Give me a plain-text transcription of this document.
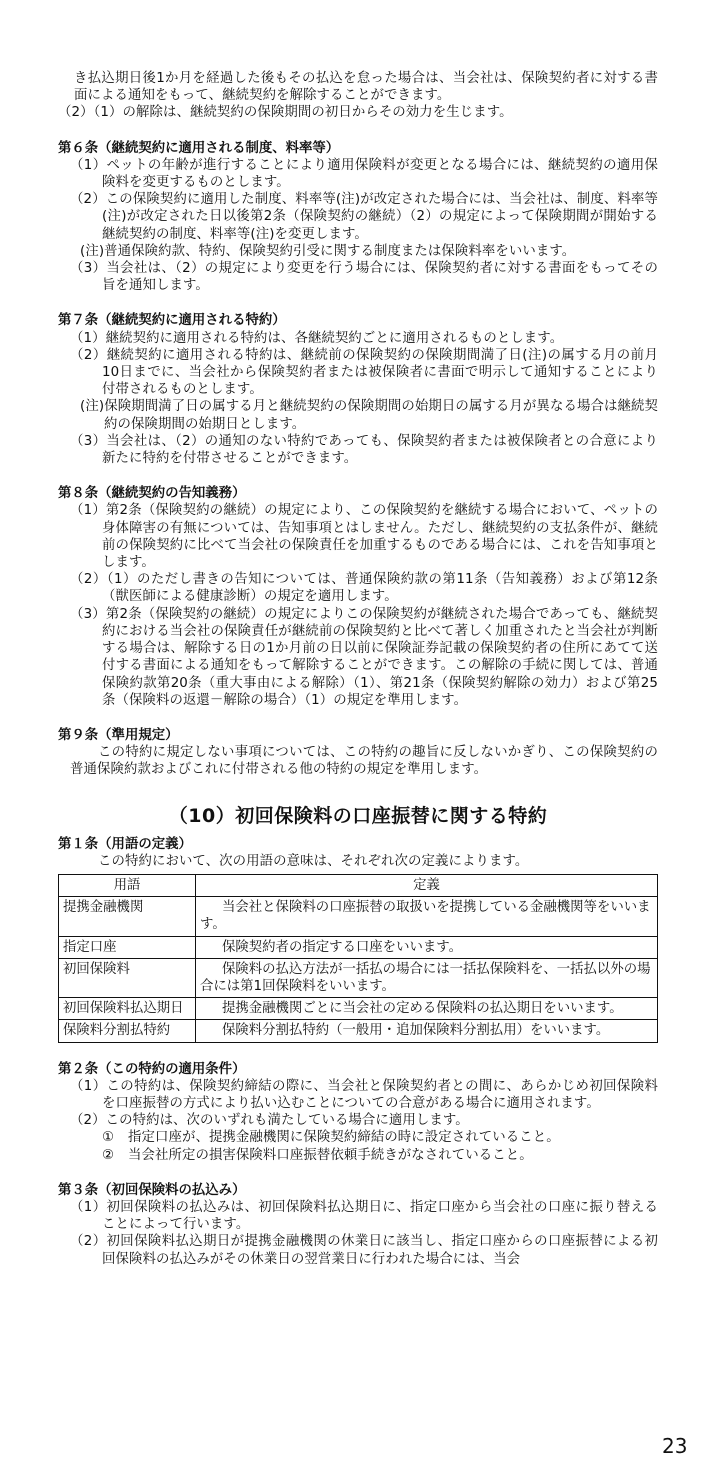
き払込期日後1か月を経過した後もその払込を怠った場合は、当会社は、保険契約者に対する書面による通知をもって、継続契約を解除することができます。

（2）（1）の解除は、継続契約の保険期間の初日からその効力を生じます。

第６条（継続契約に適用される制度、料率等）

（1）ペットの年齢が進行することにより適用保険料が変更となる場合には、継続契約の適用保険料を変更するものとします。

（2）この保険契約に適用した制度、料率等(注)が改定された場合には、当会社は、制度、料率等(注)が改定された日以後第2条（保険契約の継続）（2）の規定によって保険期間が開始する継続契約の制度、料率等(注)を変更します。

(注)普通保険約款、特約、保険契約引受に関する制度または保険料率をいいます。

（3）当会社は、（2）の規定により変更を行う場合には、保険契約者に対する書面をもってその旨を通知します。

第７条（継続契約に適用される特約）

（1）継続契約に適用される特約は、各継続契約ごとに適用されるものとします。

（2）継続契約に適用される特約は、継続前の保険契約の保険期間満了日(注)の属する月の前月10日までに、当会社から保険契約者または被保険者に書面で明示して通知することにより付帯されるものとします。

(注)保険期間満了日の属する月と継続契約の保険期間の始期日の属する月が異なる場合は継続契約の保険期間の始期日とします。

（3）当会社は、（2）の通知のない特約であっても、保険契約者または被保険者との合意により新たに特約を付帯させることができます。

第８条（継続契約の告知義務）

（1）第2条（保険契約の継続）の規定により、この保険契約を継続する場合において、ペットの身体障害の有無については、告知事項とはしません。ただし、継続契約の支払条件が、継続前の保険契約に比べて当会社の保険責任を加重するものである場合には、これを告知事項とします。

（2）（1）のただし書きの告知については、普通保険約款の第11条（告知義務）および第12条（獣医師による健康診断）の規定を適用します。

（3）第2条（保険契約の継続）の規定によりこの保険契約が継続された場合であっても、継続契約における当会社の保険責任が継続前の保険契約と比べて著しく加重されたと当会社が判断する場合は、解除する日の1か月前の日以前に保険証券記載の保険契約者の住所にあてて送付する書面による通知をもって解除することができます。この解除の手続に関しては、普通保険約款第20条（重大事由による解除）（1）、第21条（保険契約解除の効力）および第25条（保険料の返還－解除の場合）（1）の規定を準用します。

第９条（準用規定）

この特約に規定しない事項については、この特約の趣旨に反しないかぎり、この保険契約の普通保険約款およびこれに付帯される他の特約の規定を準用します。

（10）初回保険料の口座振替に関する特約

第１条（用語の定義）

この特約において、次の用語の意味は、それぞれ次の定義によります。

用語	定義
提携金融機関	当会社と保険料の口座振替の取扱いを提携している金融機関等をいいます。
指定口座	保険契約者の指定する口座をいいます。
初回保険料	保険料の払込方法が一括払の場合には一括払保険料を、一括払以外の場合には第1回保険料をいいます。
初回保険料払込期日	提携金融機関ごとに当会社の定める保険料の払込期日をいいます。
保険料分割払特約	保険料分割払特約（一般用・追加保険料分割払用）をいいます。

第２条（この特約の適用条件）

（1）この特約は、保険契約締結の際に、当会社と保険契約者との間に、あらかじめ初回保険料を口座振替の方式により払い込むことについての合意がある場合に適用されます。

（2）この特約は、次のいずれも満たしている場合に適用します。

① 指定口座が、提携金融機関に保険契約締結の時に設定されていること。

② 当会社所定の損害保険料口座振替依頼手続きがなされていること。

第３条（初回保険料の払込み）

（1）初回保険料の払込みは、初回保険料払込期日に、指定口座から当会社の口座に振り替えることによって行います。

（2）初回保険料払込期日が提携金融機関の休業日に該当し、指定口座からの口座振替による初回保険料の払込みがその休業日の翌営業日に行われた場合には、当会

23
